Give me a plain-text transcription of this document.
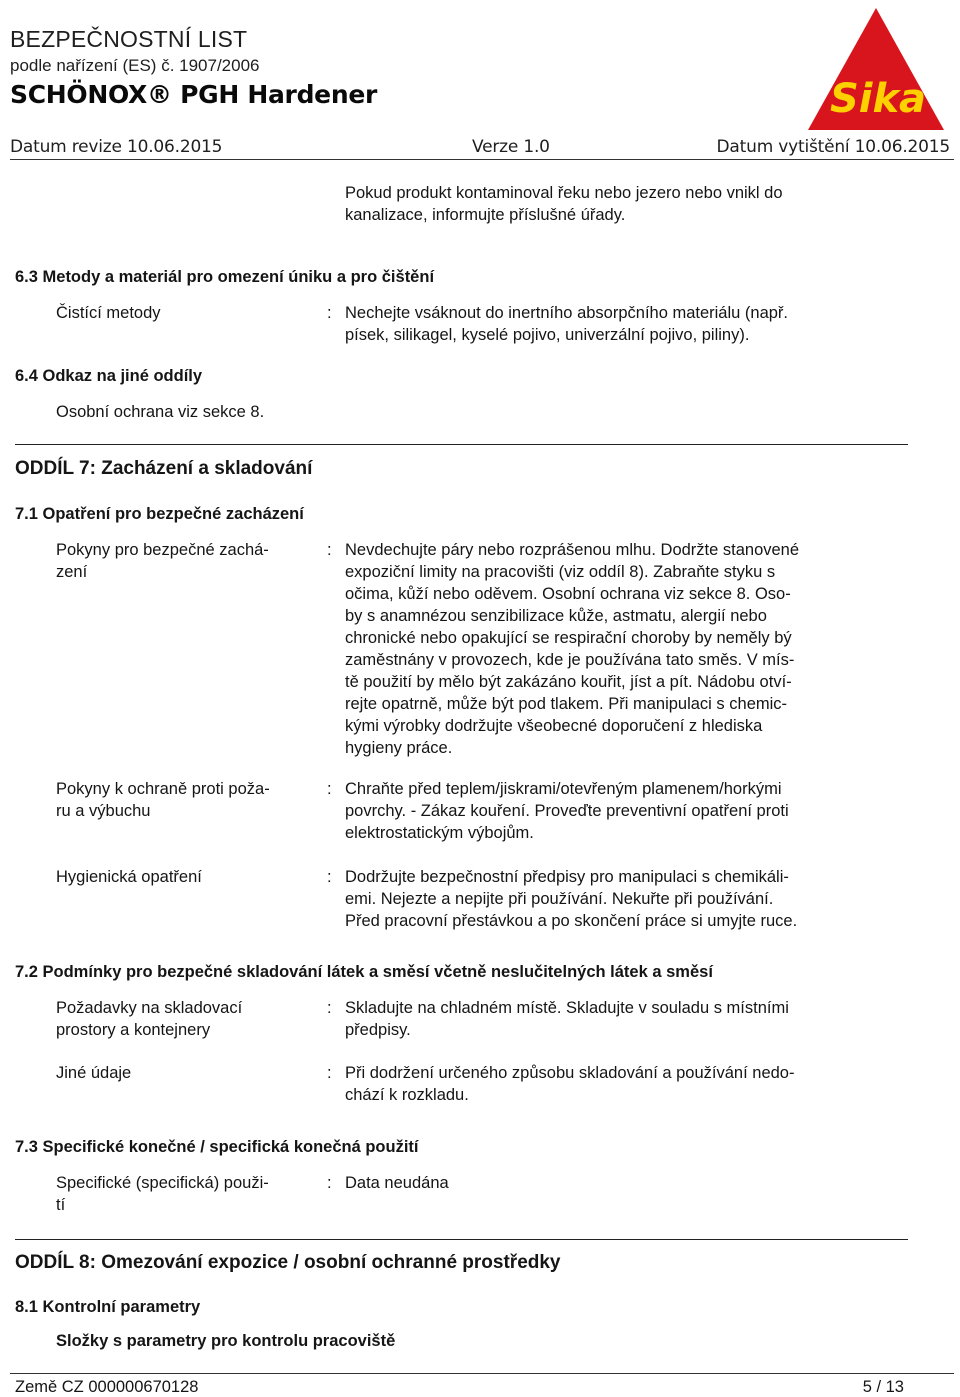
BEZPEČNOSTNÍ LIST
podle nařízení (ES) č. 1907/2006
SCHÖNOX® PGH Hardener	Sika
Datum revize 10.06.2015	Verze 1.0	Datum vytištění 10.06.2015
Pokud produkt kontaminoval řeku nebo jezero nebo vnikl do
kanalizace, informujte příslušné úřady.
6.3 Metody a materiál pro omezení úniku a pro čištění
Čistící metody	: Nechejte vsáknout do inertního absorpčního materiálu (např.
písek, silikagel, kyselé pojivo, univerzální pojivo, piliny).
6.4 Odkaz na jiné oddíly
Osobní ochrana viz sekce 8.
ODDÍL 7: Zacházení a skladování
7.1 Opatření pro bezpečné zacházení
Pokyny pro bezpečné zachá-
zení
: Nevdechujte páry nebo rozprášenou mlhu. Dodržte stanovené
expoziční limity na pracovišti (viz oddíl 8). Zabraňte styku s
očima, kůží nebo oděvem. Osobní ochrana viz sekce 8. Oso-
by s anamnézou senzibilizace kůže, astmatu, alergií nebo
chronické nebo opakující se respirační choroby by neměly bý
zaměstnány v provozech, kde je používána tato směs. V mís-
tě použití by mělo být zakázáno kouřit, jíst a pít. Nádobu otví-
rejte opatrně, může být pod tlakem. Při manipulaci s chemic-
kými výrobky dodržujte všeobecné doporučení z hlediska
hygieny práce.
Pokyny k ochraně proti poža-
ru a výbuchu
: Chraňte před teplem/jiskrami/otevřeným plamenem/horkými
povrchy. - Zákaz kouření. Proveďte preventivní opatření proti
elektrostatickým výbojům.
Hygienická opatření	: Dodržujte bezpečnostní předpisy pro manipulaci s chemikáli-
emi. Nejezte a nepijte při používání. Nekuřte při používání.
Před pracovní přestávkou a po skončení práce si umyjte ruce.
7.2 Podmínky pro bezpečné skladování látek a směsí včetně neslučitelných látek a směsí
Požadavky na skladovací
prostory a kontejnery
: Skladujte na chladném místě. Skladujte v souladu s místními
předpisy.
Jiné údaje	: Při dodržení určeného způsobu skladování a používání nedo-
chází k rozkladu.
7.3 Specifické konečné / specifická konečná použití
Specifické (specifická) použi-
tí
: Data neudána
ODDÍL 8: Omezování expozice / osobní ochranné prostředky
8.1 Kontrolní parametry
Složky s parametry pro kontrolu pracoviště
Země CZ 000000670128	5 / 13
